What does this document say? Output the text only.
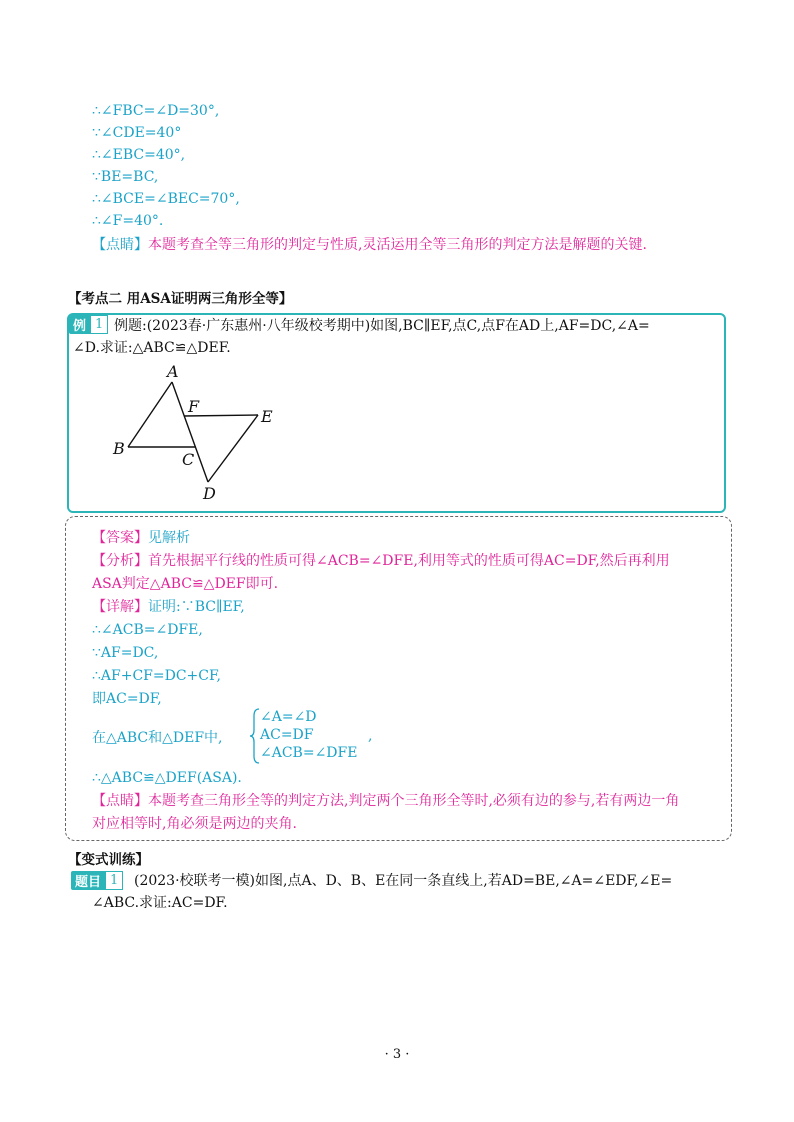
∴∠FBC=∠D=30°,
∵∠CDE=40°
∴∠EBC=40°,
∵BE=BC,
∴∠BCE=∠BEC=70°,
∴∠F=40°.
【点睛】本题考查全等三角形的判定与性质,灵活运用全等三角形的判定方法是解题的关键.
【考点二 用ASA证明两三角形全等】
例 1 例题:(2023春·广东惠州·八年级校考期中)如图,BC∥EF,点C,点F在AD上,AF=DC,∠A=
∠D.求证:△ABC≌△DEF.
A
F
E
B
C
D
【答案】见解析
【分析】首先根据平行线的性质可得∠ACB=∠DFE,利用等式的性质可得AC=DF,然后再利用
ASA判定△ABC≌△DEF即可.
【详解】证明:∵BC∥EF,
∴∠ACB=∠DFE,
∵AF=DC,
∴AF+CF=DC+CF,
即AC=DF,
在△ABC和△DEF中,
∠A=∠D
AC=DF
∠ACB=∠DFE
,
∴△ABC≌△DEF(ASA).
【点睛】本题考查三角形全等的判定方法,判定两个三角形全等时,必须有边的参与,若有两边一角
对应相等时,角必须是两边的夹角.
【变式训练】
题目 1	(2023·校联考一模)如图,点A、D、B、E在同一条直线上,若AD=BE,∠A=∠EDF,∠E=
∠ABC.求证:AC=DF.
· 3 ·
